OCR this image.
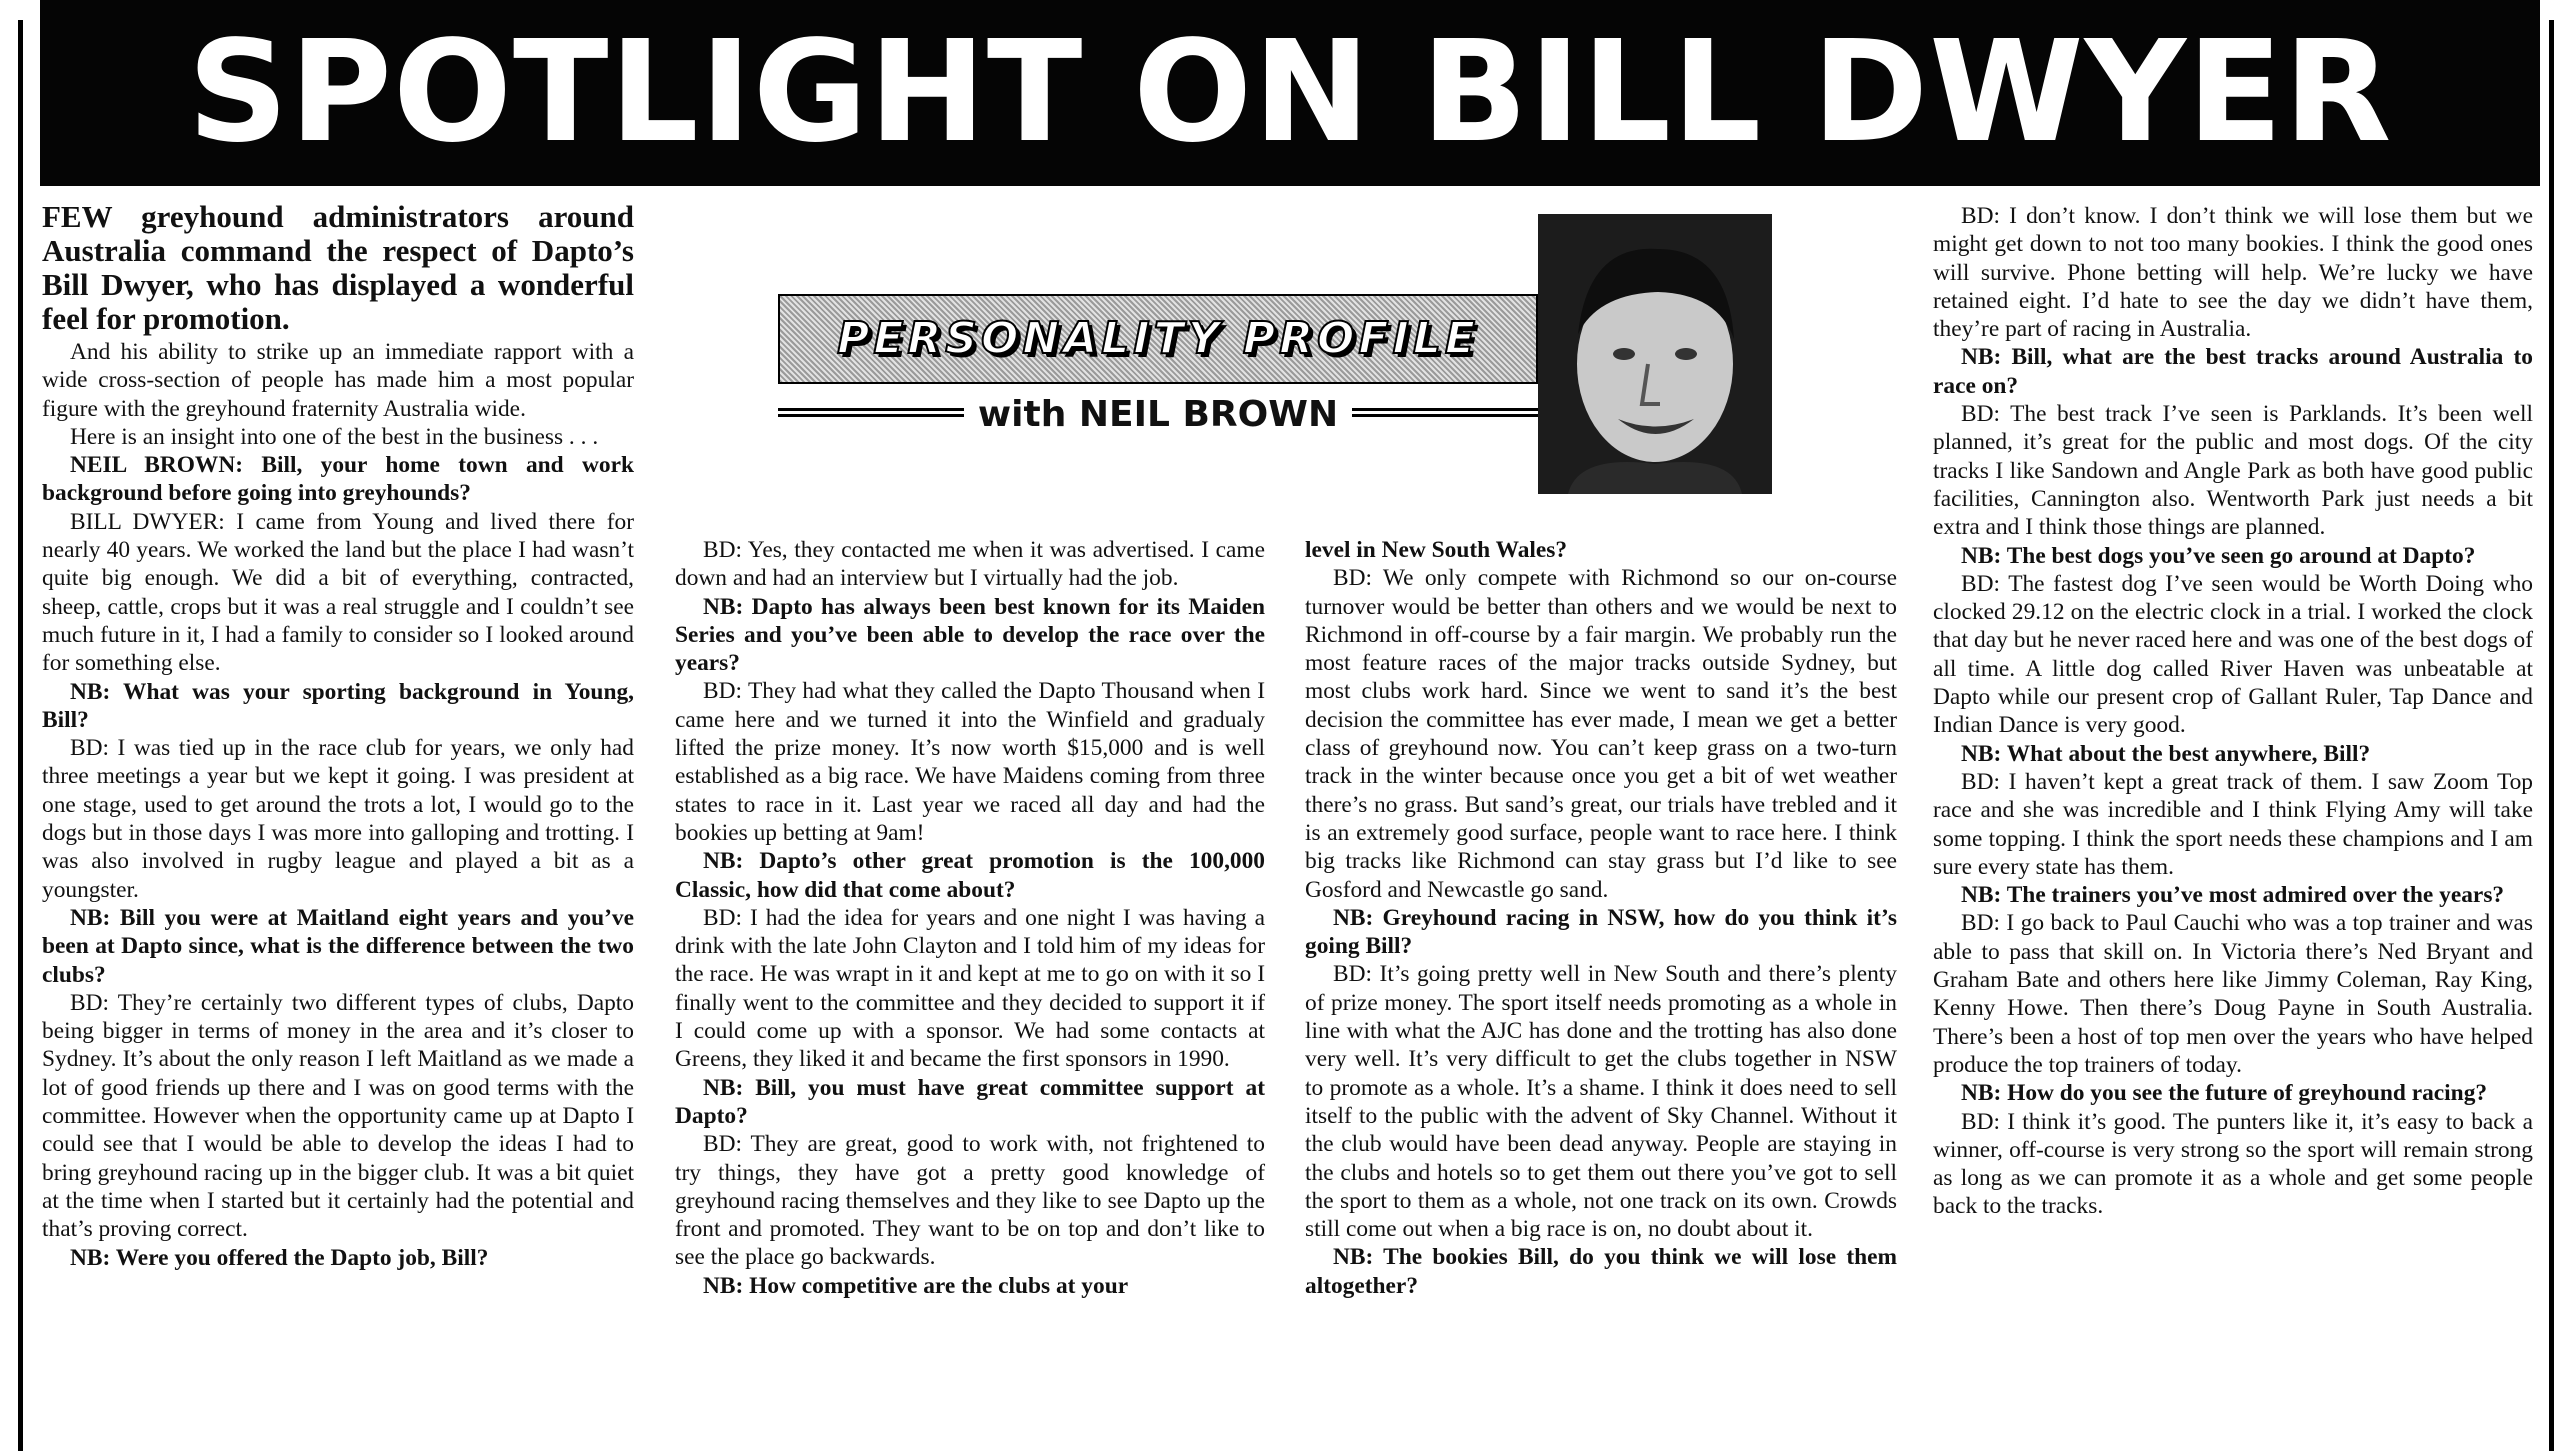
SPOTLIGHT ON BILL DWYER
PERSONALITY PROFILE
with NEIL BROWN

FEW greyhound administrators around Australia command the respect of Dapto’s Bill Dwyer, who has displayed a wonderful feel for promotion.

And his ability to strike up an immediate rapport with a wide cross-section of people has made him a most popular figure with the greyhound fraternity Australia wide.

Here is an insight into one of the best in the business . . .

NEIL BROWN: Bill, your home town and work background before going into greyhounds?

BILL DWYER: I came from Young and lived there for nearly 40 years. We worked the land but the place I had wasn’t quite big enough. We did a bit of everything, contracted, sheep, cattle, crops but it was a real struggle and I couldn’t see much future in it, I had a family to consider so I looked around for something else.

NB: What was your sporting background in Young, Bill?

BD: I was tied up in the race club for years, we only had three meetings a year but we kept it going. I was president at one stage, used to get around the trots a lot, I would go to the dogs but in those days I was more into galloping and trotting. I was also involved in rugby league and played a bit as a youngster.

NB: Bill you were at Maitland eight years and you’ve been at Dapto since, what is the difference between the two clubs?

BD: They’re certainly two different types of clubs, Dapto being bigger in terms of money in the area and it’s closer to Sydney. It’s about the only reason I left Maitland as we made a lot of good friends up there and I was on good terms with the committee. However when the opportunity came up at Dapto I could see that I would be able to develop the ideas I had to bring greyhound racing up in the bigger club. It was a bit quiet at the time when I started but it certainly had the potential and that’s proving correct.

NB: Were you offered the Dapto job, Bill?

BD: Yes, they contacted me when it was advertised. I came down and had an interview but I virtually had the job.

NB: Dapto has always been best known for its Maiden Series and you’ve been able to develop the race over the years?

BD: They had what they called the Dapto Thousand when I came here and we turned it into the Winfield and gradualy lifted the prize money. It’s now worth $15,000 and is well established as a big race. We have Maidens coming from three states to race in it. Last year we raced all day and had the bookies up betting at 9am!

NB: Dapto’s other great promotion is the 100,000 Classic, how did that come about?

BD: I had the idea for years and one night I was having a drink with the late John Clayton and I told him of my ideas for the race. He was wrapt in it and kept at me to go on with it so I finally went to the committee and they decided to support it if I could come up with a sponsor. We had some contacts at Greens, they liked it and became the first sponsors in 1990.

NB: Bill, you must have great committee support at Dapto?

BD: They are great, good to work with, not frightened to try things, they have got a pretty good knowledge of greyhound racing themselves and they like to see Dapto up the front and promoted. They want to be on top and don’t like to see the place go backwards.

NB: How competitive are the clubs at your

level in New South Wales?

BD: We only compete with Richmond so our on-course turnover would be better than others and we would be next to Richmond in off-course by a fair margin. We probably run the most feature races of the major tracks outside Sydney, but most clubs work hard. Since we went to sand it’s the best decision the committee has ever made, I mean we get a better class of greyhound now. You can’t keep grass on a two-turn track in the winter because once you get a bit of wet weather there’s no grass. But sand’s great, our trials have trebled and it is an extremely good surface, people want to race here. I think big tracks like Richmond can stay grass but I’d like to see Gosford and Newcastle go sand.

NB: Greyhound racing in NSW, how do you think it’s going Bill?

BD: It’s going pretty well in New South and there’s plenty of prize money. The sport itself needs promoting as a whole in line with what the AJC has done and the trotting has also done very well. It’s very difficult to get the clubs together in NSW to promote as a whole. It’s a shame. I think it does need to sell itself to the public with the advent of Sky Channel. Without it the club would have been dead anyway. People are staying in the clubs and hotels so to get them out there you’ve got to sell the sport to them as a whole, not one track on its own. Crowds still come out when a big race is on, no doubt about it.

NB: The bookies Bill, do you think we will lose them altogether?

BD: I don’t know. I don’t think we will lose them but we might get down to not too many bookies. I think the good ones will survive. Phone betting will help. We’re lucky we have retained eight. I’d hate to see the day we didn’t have them, they’re part of racing in Australia.

NB: Bill, what are the best tracks around Australia to race on?

BD: The best track I’ve seen is Parklands. It’s been well planned, it’s great for the public and most dogs. Of the city tracks I like Sandown and Angle Park as both have good public facilities, Cannington also. Wentworth Park just needs a bit extra and I think those things are planned.

NB: The best dogs you’ve seen go around at Dapto?

BD: The fastest dog I’ve seen would be Worth Doing who clocked 29.12 on the electric clock in a trial. I worked the clock that day but he never raced here and was one of the best dogs of all time. A little dog called River Haven was unbeatable at Dapto while our present crop of Gallant Ruler, Tap Dance and Indian Dance is very good.

NB: What about the best anywhere, Bill?

BD: I haven’t kept a great track of them. I saw Zoom Top race and she was incredible and I think Flying Amy will take some topping. I think the sport needs these champions and I am sure every state has them.

NB: The trainers you’ve most admired over the years?

BD: I go back to Paul Cauchi who was a top trainer and was able to pass that skill on. In Victoria there’s Ned Bryant and Graham Bate and others here like Jimmy Coleman, Ray King, Kenny Howe. Then there’s Doug Payne in South Australia. There’s been a host of top men over the years who have helped produce the top trainers of today.

NB: How do you see the future of greyhound racing?

BD: I think it’s good. The punters like it, it’s easy to back a winner, off-course is very strong so the sport will remain strong as long as we can promote it as a whole and get some people back to the tracks.
